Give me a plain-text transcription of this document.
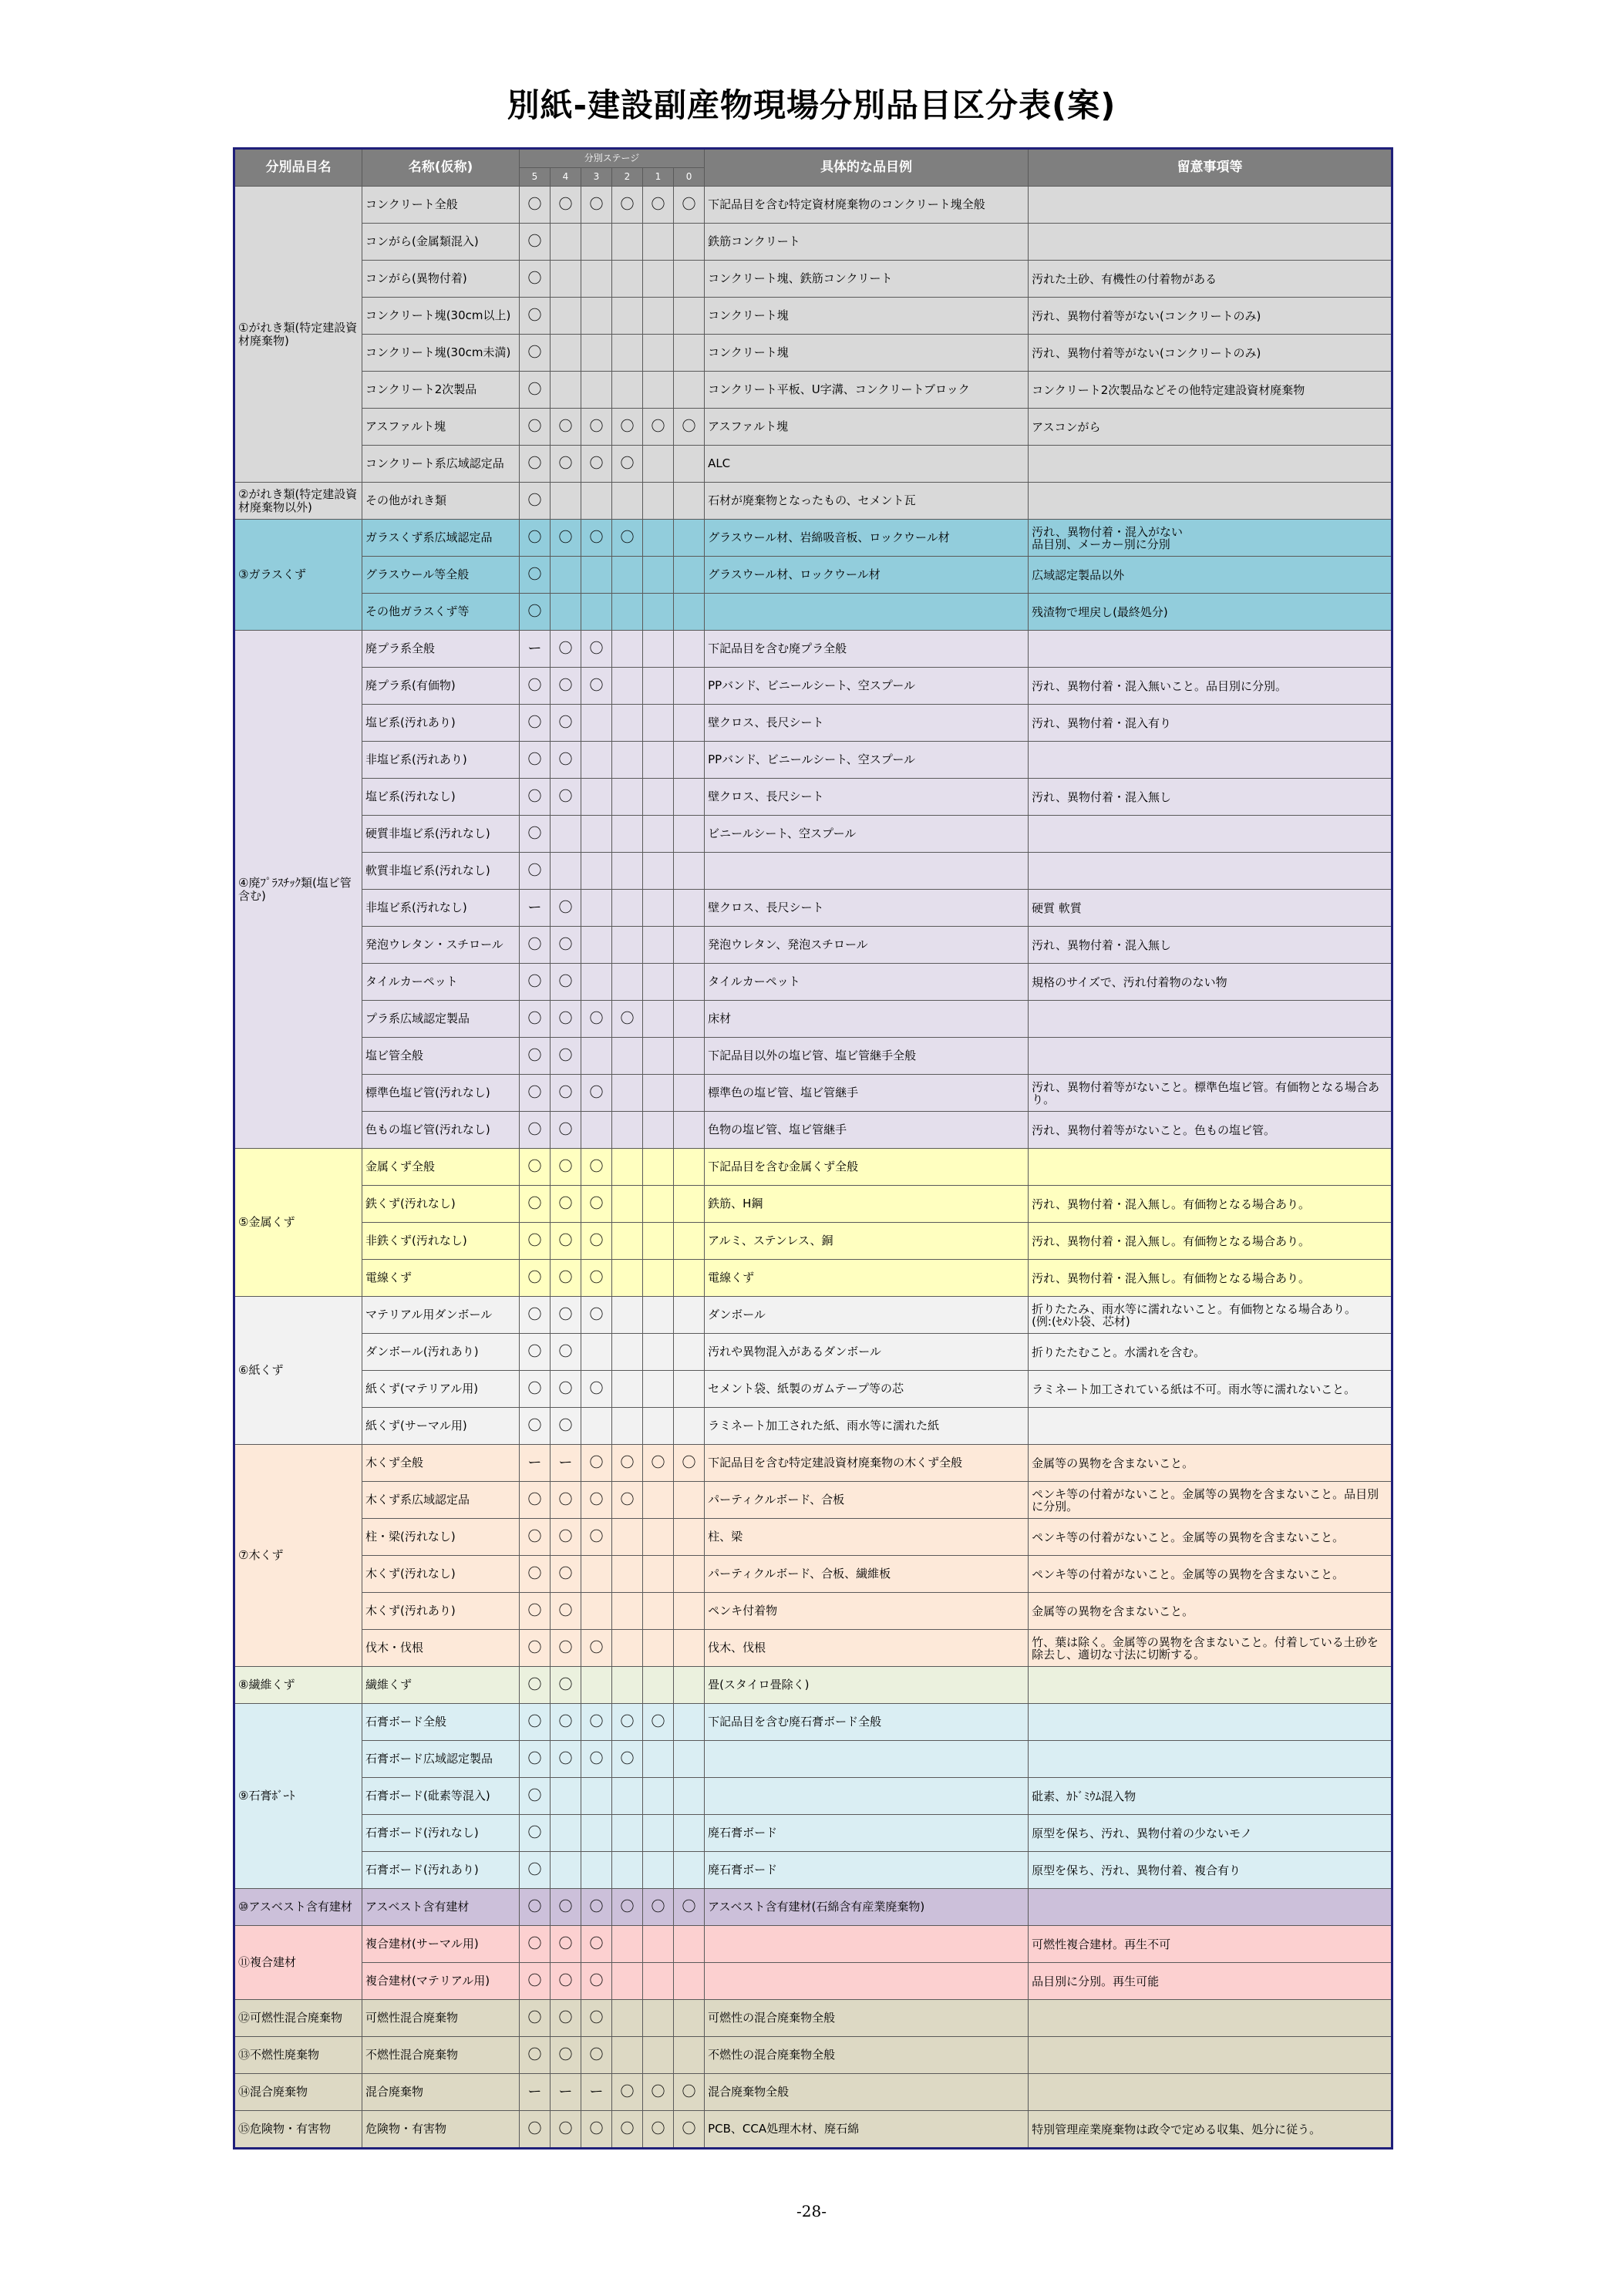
別紙-建設副産物現場分別品目区分表(案)
分別品目名	名称(仮称)	分別ステージ						具体的な品目例	留意事項等
		5	4	3	2	1	0		
①がれき類(特定建設資材廃棄物)	コンクリート全般	〇	〇	〇	〇	〇	〇	下記品目を含む特定資材廃棄物のコンクリート塊全般	
	コンがら(金属類混入)	〇						鉄筋コンクリート	
	コンがら(異物付着)	〇						コンクリート塊、鉄筋コンクリート	汚れた土砂、有機性の付着物がある
	コンクリート塊(30cm以上)	〇						コンクリート塊	汚れ、異物付着等がない(コンクリートのみ)
	コンクリート塊(30cm未満)	〇						コンクリート塊	汚れ、異物付着等がない(コンクリートのみ)
	コンクリート2次製品	〇						コンクリート平板、U字溝、コンクリートブロック	コンクリート2次製品などその他特定建設資材廃棄物
	アスファルト塊	〇	〇	〇	〇	〇	〇	アスファルト塊	アスコンがら
	コンクリート系広域認定品	〇	〇	〇	〇			ALC	
②がれき類(特定建設資材廃棄物以外)	その他がれき類	〇						石材が廃棄物となったもの、セメント瓦	
③ガラスくず	ガラスくず系広域認定品	〇	〇	〇	〇			グラスウール材、岩綿吸音板、ロックウール材	汚れ、異物付着・混入がない
品目別、メーカー別に分別
	グラスウール等全般	〇						グラスウール材、ロックウール材	広域認定製品以外
	その他ガラスくず等	〇							残渣物で埋戻し(最終処分)
④廃ﾌﾟﾗｽﾁｯｸ類(塩ビ管含む)	廃プラ系全般	ー	〇	〇				下記品目を含む廃プラ全般	
	廃プラ系(有価物)	〇	〇	〇				PPバンド、ビニールシート、空スプール	汚れ、異物付着・混入無いこと。品目別に分別。
	塩ビ系(汚れあり)	〇	〇					壁クロス、長尺シート	汚れ、異物付着・混入有り
	非塩ビ系(汚れあり)	〇	〇					PPバンド、ビニールシート、空スプール	
	塩ビ系(汚れなし)	〇	〇					壁クロス、長尺シート	汚れ、異物付着・混入無し
	硬質非塩ビ系(汚れなし)	〇						ビニールシート、空スプール	
	軟質非塩ビ系(汚れなし)	〇							
	非塩ビ系(汚れなし)	ー	〇					壁クロス、長尺シート	硬質 軟質
	発泡ウレタン・スチロール	〇	〇					発泡ウレタン、発泡スチロール	汚れ、異物付着・混入無し
	タイルカーペット	〇	〇					タイルカーペット	規格のサイズで、汚れ付着物のない物
	プラ系広域認定製品	〇	〇	〇	〇			床材	
	塩ビ管全般	〇	〇					下記品目以外の塩ビ管、塩ビ管継手全般	
	標準色塩ビ管(汚れなし)	〇	〇	〇				標準色の塩ビ管、塩ビ管継手	汚れ、異物付着等がないこと。標準色塩ビ管。有価物となる場合あり。
	色もの塩ビ管(汚れなし)	〇	〇					色物の塩ビ管、塩ビ管継手	汚れ、異物付着等がないこと。色もの塩ビ管。
⑤金属くず	金属くず全般	〇	〇	〇				下記品目を含む金属くず全般	
	鉄くず(汚れなし)	〇	〇	〇				鉄筋、H鋼	汚れ、異物付着・混入無し。有価物となる場合あり。
	非鉄くず(汚れなし)	〇	〇	〇				アルミ、ステンレス、銅	汚れ、異物付着・混入無し。有価物となる場合あり。
	電線くず	〇	〇	〇				電線くず	汚れ、異物付着・混入無し。有価物となる場合あり。
⑥紙くず	マテリアル用ダンボール	〇	〇	〇				ダンボール	折りたたみ、雨水等に濡れないこと。有価物となる場合あり。
(例:(ｾﾒﾝﾄ袋、芯材)
	ダンボール(汚れあり)	〇	〇					汚れや異物混入があるダンボール	折りたたむこと。水濡れを含む。
	紙くず(マテリアル用)	〇	〇	〇				セメント袋、紙製のガムテープ等の芯	ラミネート加工されている紙は不可。雨水等に濡れないこと。
	紙くず(サーマル用)	〇	〇					ラミネート加工された紙、雨水等に濡れた紙	
⑦木くず	木くず全般	ー	ー	〇	〇	〇	〇	下記品目を含む特定建設資材廃棄物の木くず全般	金属等の異物を含まないこと。
	木くず系広域認定品	〇	〇	〇	〇			パーティクルボード、合板	ペンキ等の付着がないこと。金属等の異物を含まないこと。品目別に分別。
	柱・梁(汚れなし)	〇	〇	〇				柱、梁	ペンキ等の付着がないこと。金属等の異物を含まないこと。
	木くず(汚れなし)	〇	〇					パーティクルボード、合板、繊維板	ペンキ等の付着がないこと。金属等の異物を含まないこと。
	木くず(汚れあり)	〇	〇					ペンキ付着物	金属等の異物を含まないこと。
	伐木・伐根	〇	〇	〇				伐木、伐根	竹、葉は除く。金属等の異物を含まないこと。付着している土砂を除去し、適切な寸法に切断する。
⑧繊維くず	繊維くず	〇	〇					畳(スタイロ畳除く)	
⑨石膏ﾎﾞｰﾄ	石膏ボード全般	〇	〇	〇	〇	〇		下記品目を含む廃石膏ボード全般	
	石膏ボード広域認定製品	〇	〇	〇	〇				
	石膏ボード(砒素等混入)	〇							砒素、ｶﾄﾞﾐｳﾑ混入物
	石膏ボード(汚れなし)	〇						廃石膏ボード	原型を保ち、汚れ、異物付着の少ないモノ
	石膏ボード(汚れあり)	〇						廃石膏ボード	原型を保ち、汚れ、異物付着、複合有り
⑩アスベスト含有建材	アスベスト含有建材	〇	〇	〇	〇	〇	〇	アスベスト含有建材(石綿含有産業廃棄物)	
⑪複合建材	複合建材(サーマル用)	〇	〇	〇					可燃性複合建材。再生不可
	複合建材(マテリアル用)	〇	〇	〇					品目別に分別。再生可能
⑫可燃性混合廃棄物	可燃性混合廃棄物	〇	〇	〇				可燃性の混合廃棄物全般	
⑬不燃性廃棄物	不燃性混合廃棄物	〇	〇	〇				不燃性の混合廃棄物全般	
⑭混合廃棄物	混合廃棄物	ー	ー	ー	〇	〇	〇	混合廃棄物全般	
⑮危険物・有害物	危険物・有害物	〇	〇	〇	〇	〇	〇	PCB、CCA処理木材、廃石綿	特別管理産業廃棄物は政令で定める収集、処分に従う。
-28-
